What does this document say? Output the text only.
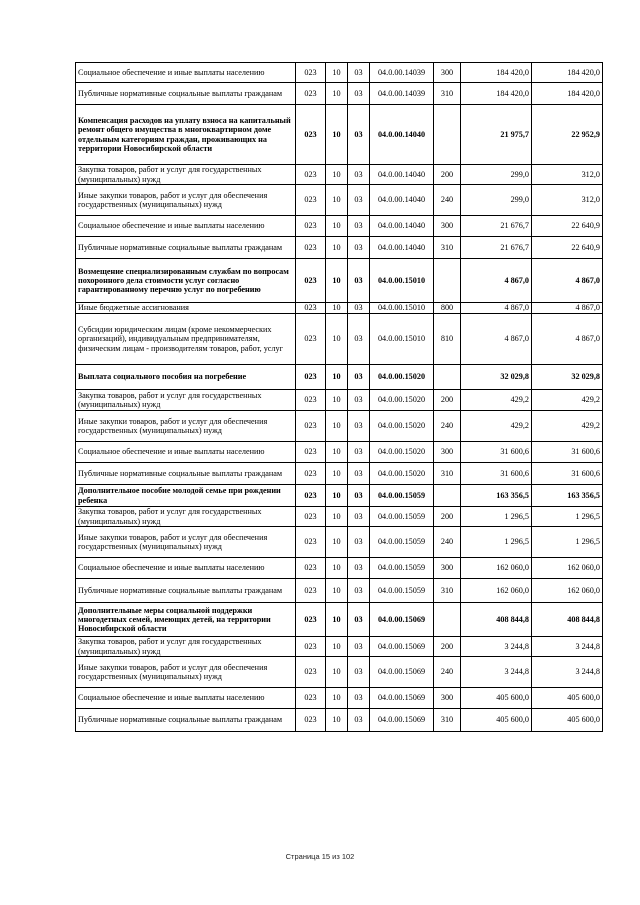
Социальное обеспечение и иные выплаты населению	023	10	03	04.0.00.14039	300	184 420,0	184 420,0
Публичные нормативные социальные выплаты гражданам	023	10	03	04.0.00.14039	310	184 420,0	184 420,0
Компенсация расходов на уплату взноса на капитальный ремонт общего имущества в многоквартирном доме отдельным категориям граждан, проживающих на территории Новосибирской области	023	10	03	04.0.00.14040		21 975,7	22 952,9
Закупка товаров, работ и услуг для государственных (муниципальных) нужд	023	10	03	04.0.00.14040	200	299,0	312,0
Иные закупки товаров, работ и услуг для обеспечения государственных (муниципальных) нужд	023	10	03	04.0.00.14040	240	299,0	312,0
Социальное обеспечение и иные выплаты населению	023	10	03	04.0.00.14040	300	21 676,7	22 640,9
Публичные нормативные социальные выплаты гражданам	023	10	03	04.0.00.14040	310	21 676,7	22 640,9
Возмещение специализированным службам по вопросам похоронного дела стоимости услуг согласно гарантированному перечню услуг по погребению	023	10	03	04.0.00.15010		4 867,0	4 867,0
Иные бюджетные ассигнования	023	10	03	04.0.00.15010	800	4 867,0	4 867,0
Субсидии юридическим лицам (кроме некоммерческих организаций), индивидуальным предпринимателям, физическим лицам - производителям товаров, работ, услуг	023	10	03	04.0.00.15010	810	4 867,0	4 867,0
Выплата социального пособия на погребение	023	10	03	04.0.00.15020		32 029,8	32 029,8
Закупка товаров, работ и услуг для государственных (муниципальных) нужд	023	10	03	04.0.00.15020	200	429,2	429,2
Иные закупки товаров, работ и услуг для обеспечения государственных (муниципальных) нужд	023	10	03	04.0.00.15020	240	429,2	429,2
Социальное обеспечение и иные выплаты населению	023	10	03	04.0.00.15020	300	31 600,6	31 600,6
Публичные нормативные социальные выплаты гражданам	023	10	03	04.0.00.15020	310	31 600,6	31 600,6
Дополнительное пособие молодой семье при рождении ребенка	023	10	03	04.0.00.15059		163 356,5	163 356,5
Закупка товаров, работ и услуг для государственных (муниципальных) нужд	023	10	03	04.0.00.15059	200	1 296,5	1 296,5
Иные закупки товаров, работ и услуг для обеспечения государственных (муниципальных) нужд	023	10	03	04.0.00.15059	240	1 296,5	1 296,5
Социальное обеспечение и иные выплаты населению	023	10	03	04.0.00.15059	300	162 060,0	162 060,0
Публичные нормативные социальные выплаты гражданам	023	10	03	04.0.00.15059	310	162 060,0	162 060,0
Дополнительные меры социальной поддержки многодетных семей, имеющих детей, на территории Новосибирской области	023	10	03	04.0.00.15069		408 844,8	408 844,8
Закупка товаров, работ и услуг для государственных (муниципальных) нужд	023	10	03	04.0.00.15069	200	3 244,8	3 244,8
Иные закупки товаров, работ и услуг для обеспечения государственных (муниципальных) нужд	023	10	03	04.0.00.15069	240	3 244,8	3 244,8
Социальное обеспечение и иные выплаты населению	023	10	03	04.0.00.15069	300	405 600,0	405 600,0
Публичные нормативные социальные выплаты гражданам	023	10	03	04.0.00.15069	310	405 600,0	405 600,0
Страница 15 из 102
